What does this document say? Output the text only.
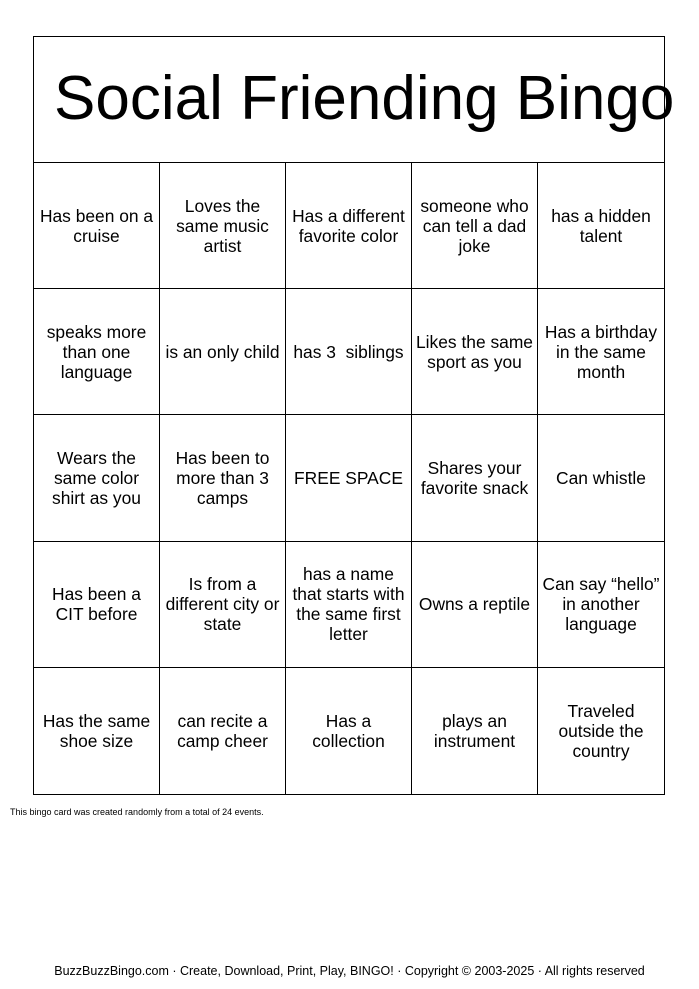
Social Friending Bingo
Has been on a cruise
Loves the same music artist
Has a different favorite color
someone who can tell a dad joke
has a hidden talent
speaks more than one language
is an only child has 3  siblings Likes the same sport as you
Has a birthday in the same month
Wears the same color shirt as you
Has been to more than 3 camps
FREE SPACE	Shares your favorite snack	Can whistle
Has been a CIT before
Is from a different city or state
has a name that starts with the same first letter
Owns a reptile
Can say “hello” in another language
Has the same shoe size
can recite a camp cheer
Has a collection
plays an instrument
Traveled outside the country
This bingo card was created randomly from a total of 24 events.
BuzzBuzzBingo.com · Create, Download, Print, Play, BINGO! · Copyright © 2003-2025 · All rights reserved
